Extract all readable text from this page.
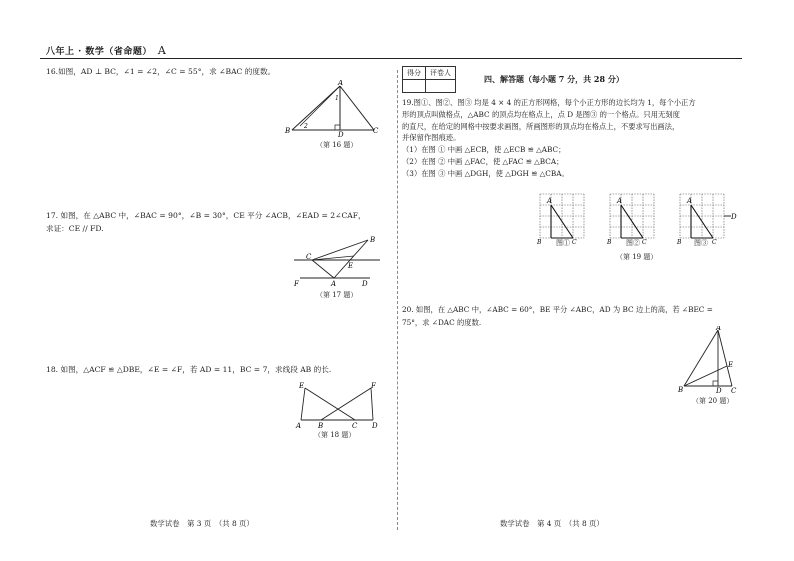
八年上 · 数学（省命题） A
16.如图，AD ⊥ BC，∠1 = ∠2，∠C = 55°，求 ∠BAC 的度数。
A
B	C
D
1
2
（第 16 题）
17. 如图，在 △ABC 中，∠BAC = 90°，∠B = 30°，CE 平分 ∠ACB，∠EAD = 2∠CAF，
求证：CE // FD.
B
C
E
F	A	D
（第 17 题）
18. 如图，△ACF ≌ △DBE，∠E = ∠F，若 AD = 11，BC = 7，求线段 AB 的长.
E	F
A B	C D
（第 18 题）
数学试卷　第 3 页　（共 8 页）
得分	评卷人

四、解答题（每小题 7 分，共 28 分）
19.图①、图②、图③ 均是 4 × 4 的正方形网格，每个小正方形的边长均为 1，每个小正方
形的顶点叫做格点，△ABC 的顶点均在格点上，点 D 是图③ 的一个格点。只用无刻度
的直尺，在给定的网格中按要求画图，所画图形的顶点均在格点上，不要求写出画法，
并保留作图痕迹。
（1）在图 ① 中画 △ECB，使 △ECB ≌ △ABC；
（2）在图 ② 中画 △FAC，使 △FAC ≌ △BCA；
（3）在图 ③ 中画 △DGH，使 △DGH ≌ △CBA。
A
B	C
图①
A
B	C
图②
A
B	C
D
图③
（第 19 题）
20. 如图，在 △ABC 中，∠ABC = 60°，BE 平分 ∠ABC，AD 为 BC 边上的高，若 ∠BEC =
75°，求 ∠DAC 的度数.
A
E
B	D C
（第 20 题）
数学试卷　第 4 页　（共 8 页）
